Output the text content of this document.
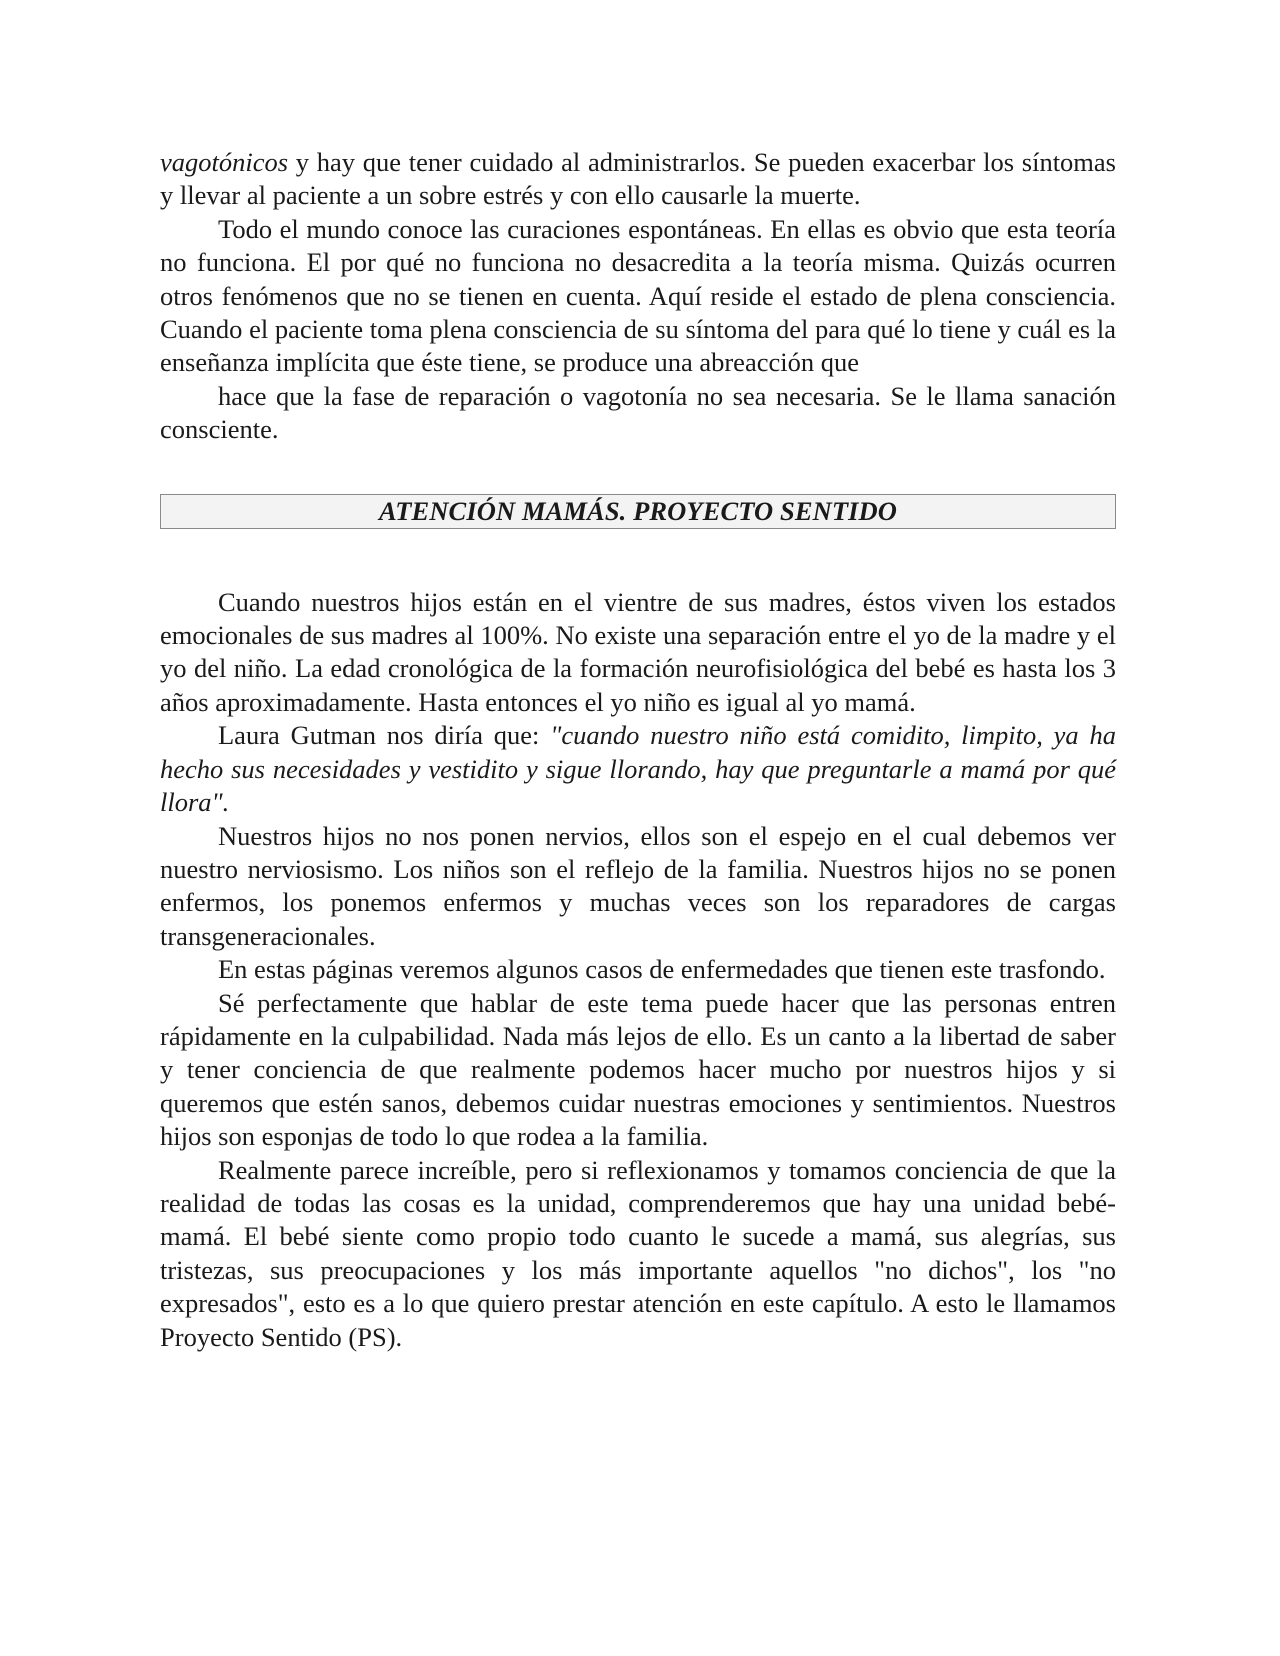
vagotónicos y hay que tener cuidado al administrarlos. Se pueden exacerbar los síntomas y llevar al paciente a un sobre estrés y con ello causarle la muerte.

Todo el mundo conoce las curaciones espontáneas. En ellas es obvio que esta teoría no funciona. El por qué no funciona no desacredita a la teoría misma. Quizás ocurren otros fenómenos que no se tienen en cuenta. Aquí reside el estado de plena consciencia. Cuando el paciente toma plena consciencia de su síntoma del para qué lo tiene y cuál es la enseñanza implícita que éste tiene, se produce una abreacción que

hace que la fase de reparación o vagotonía no sea necesaria. Se le llama sanación consciente.

ATENCIÓN MAMÁS. PROYECTO SENTIDO

Cuando nuestros hijos están en el vientre de sus madres, éstos viven los estados emocionales de sus madres al 100%. No existe una separación entre el yo de la madre y el yo del niño. La edad cronológica de la formación neurofisiológica del bebé es hasta los 3 años aproximadamente. Hasta entonces el yo niño es igual al yo mamá.

Laura Gutman nos diría que: "cuando nuestro niño está comidito, limpito, ya ha hecho sus necesidades y vestidito y sigue llorando, hay que preguntarle a mamá por qué llora".

Nuestros hijos no nos ponen nervios, ellos son el espejo en el cual debemos ver nuestro nerviosismo. Los niños son el reflejo de la familia. Nuestros hijos no se ponen enfermos, los ponemos enfermos y muchas veces son los reparadores de cargas transgeneracionales.

En estas páginas veremos algunos casos de enfermedades que tienen este trasfondo.

Sé perfectamente que hablar de este tema puede hacer que las personas entren rápidamente en la culpabilidad. Nada más lejos de ello. Es un canto a la libertad de saber y tener conciencia de que realmente podemos hacer mucho por nuestros hijos y si queremos que estén sanos, debemos cuidar nuestras emociones y sentimientos. Nuestros hijos son esponjas de todo lo que rodea a la familia.

Realmente parece increíble, pero si reflexionamos y tomamos conciencia de que la realidad de todas las cosas es la unidad, comprenderemos que hay una unidad bebé-mamá. El bebé siente como propio todo cuanto le sucede a mamá, sus alegrías, sus tristezas, sus preocupaciones y los más importante aquellos "no dichos", los "no expresados", esto es a lo que quiero prestar atención en este capítulo. A esto le llamamos Proyecto Sentido (PS).
